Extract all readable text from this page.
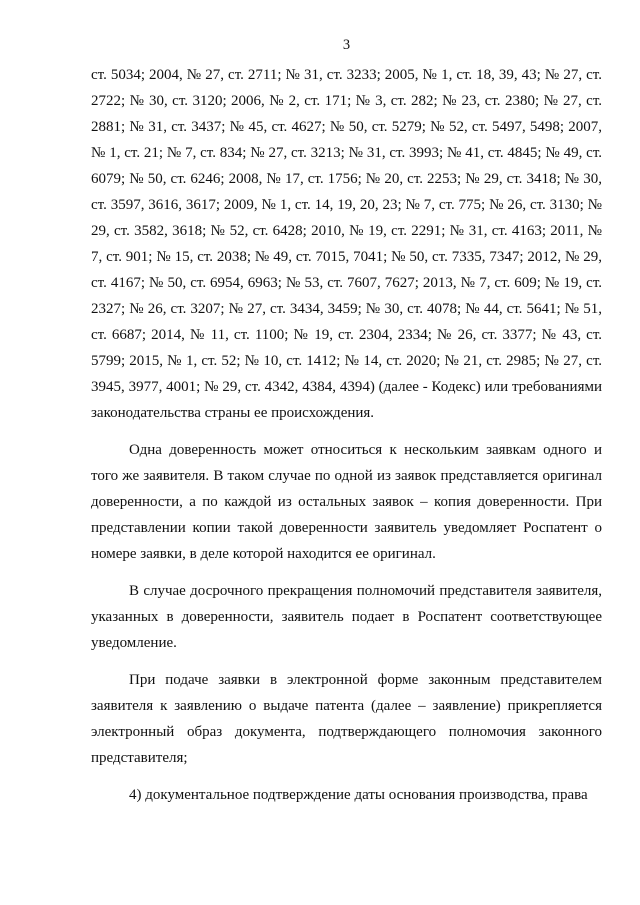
3

ст. 5034; 2004, № 27, ст. 2711; № 31, ст. 3233; 2005, № 1, ст. 18, 39, 43; № 27, ст. 2722; № 30, ст. 3120; 2006, № 2, ст. 171; № 3, ст. 282; № 23, ст. 2380; № 27, ст. 2881; № 31, ст. 3437; № 45, ст. 4627; № 50, ст. 5279; № 52, ст. 5497, 5498; 2007, № 1, ст. 21; № 7, ст. 834; № 27, ст. 3213; № 31, ст. 3993; № 41, ст. 4845; № 49, ст. 6079; № 50, ст. 6246; 2008, № 17, ст. 1756; № 20, ст. 2253; № 29, ст. 3418; № 30, ст. 3597, 3616, 3617; 2009, № 1, ст. 14, 19, 20, 23; № 7, ст. 775; № 26, ст. 3130; № 29, ст. 3582, 3618; № 52, ст. 6428; 2010, № 19, ст. 2291; № 31, ст. 4163; 2011, № 7, ст. 901; № 15, ст. 2038; № 49, ст. 7015, 7041; № 50, ст. 7335, 7347; 2012, № 29, ст. 4167; № 50, ст. 6954, 6963; № 53, ст. 7607, 7627; 2013, № 7, ст. 609; № 19, ст. 2327; № 26, ст. 3207; № 27, ст. 3434, 3459; № 30, ст. 4078; № 44, ст. 5641; № 51, ст. 6687; 2014, № 11, ст. 1100; № 19, ст. 2304, 2334; № 26, ст. 3377; № 43, ст. 5799; 2015, № 1, ст. 52; № 10, ст. 1412; № 14, ст. 2020; № 21, ст. 2985; № 27, ст. 3945, 3977, 4001; № 29, ст. 4342, 4384, 4394) (далее - Кодекс) или требованиями законодательства страны ее происхождения.

Одна доверенность может относиться к нескольким заявкам одного и того же заявителя. В таком случае по одной из заявок представляется оригинал доверенности, а по каждой из остальных заявок – копия доверенности. При представлении копии такой доверенности заявитель уведомляет Роспатент о номере заявки, в деле которой находится ее оригинал.

В случае досрочного прекращения полномочий представителя заявителя, указанных в доверенности, заявитель подает в Роспатент соответствующее уведомление.

При подаче заявки в электронной форме законным представителем заявителя к заявлению о выдаче патента (далее – заявление) прикрепляется электронный образ документа, подтверждающего полномочия законного представителя;

4) документальное подтверждение даты основания производства, права
